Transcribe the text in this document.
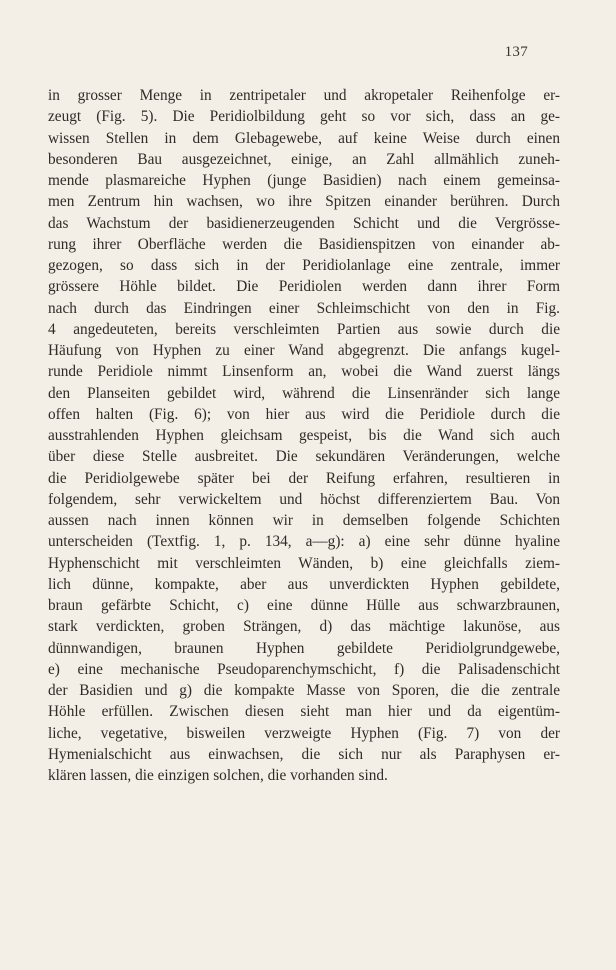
137
in grosser Menge in zentripetaler und akropetaler Reihenfolge er-
zeugt (Fig. 5). Die Peridiolbildung geht so vor sich, dass an ge-
wissen Stellen in dem Glebagewebe, auf keine Weise durch einen
besonderen Bau ausgezeichnet, einige, an Zahl allmählich zuneh-
mende plasmareiche Hyphen (junge Basidien) nach einem gemeinsa-
men Zentrum hin wachsen, wo ihre Spitzen einander berühren. Durch
das Wachstum der basidienerzeugenden Schicht und die Vergrösse-
rung ihrer Oberfläche werden die Basidienspitzen von einander ab-
gezogen, so dass sich in der Peridiolanlage eine zentrale, immer
grössere Höhle bildet. Die Peridiolen werden dann ihrer Form
nach durch das Eindringen einer Schleimschicht von den in Fig.
4 angedeuteten, bereits verschleimten Partien aus sowie durch die
Häufung von Hyphen zu einer Wand abgegrenzt. Die anfangs kugel-
runde Peridiole nimmt Linsenform an, wobei die Wand zuerst längs
den Planseiten gebildet wird, während die Linsenränder sich lange
offen halten (Fig. 6); von hier aus wird die Peridiole durch die
ausstrahlenden Hyphen gleichsam gespeist, bis die Wand sich auch
über diese Stelle ausbreitet. Die sekundären Veränderungen, welche
die Peridiolgewebe später bei der Reifung erfahren, resultieren in
folgendem, sehr verwickeltem und höchst differenziertem Bau. Von
aussen nach innen können wir in demselben folgende Schichten
unterscheiden (Textfig. 1, p. 134, a—g): a) eine sehr dünne hyaline
Hyphenschicht mit verschleimten Wänden, b) eine gleichfalls ziem-
lich dünne, kompakte, aber aus unverdickten Hyphen gebildete,
braun gefärbte Schicht, c) eine dünne Hülle aus schwarzbraunen,
stark verdickten, groben Strängen, d) das mächtige lakunöse, aus
dünnwandigen, braunen Hyphen gebildete Peridiolgrundgewebe,
e) eine mechanische Pseudoparenchymschicht, f) die Palisadenschicht
der Basidien und g) die kompakte Masse von Sporen, die die zentrale
Höhle erfüllen. Zwischen diesen sieht man hier und da eigentüm-
liche, vegetative, bisweilen verzweigte Hyphen (Fig. 7) von der
Hymenialschicht aus einwachsen, die sich nur als Paraphysen er-
klären lassen, die einzigen solchen, die vorhanden sind.
